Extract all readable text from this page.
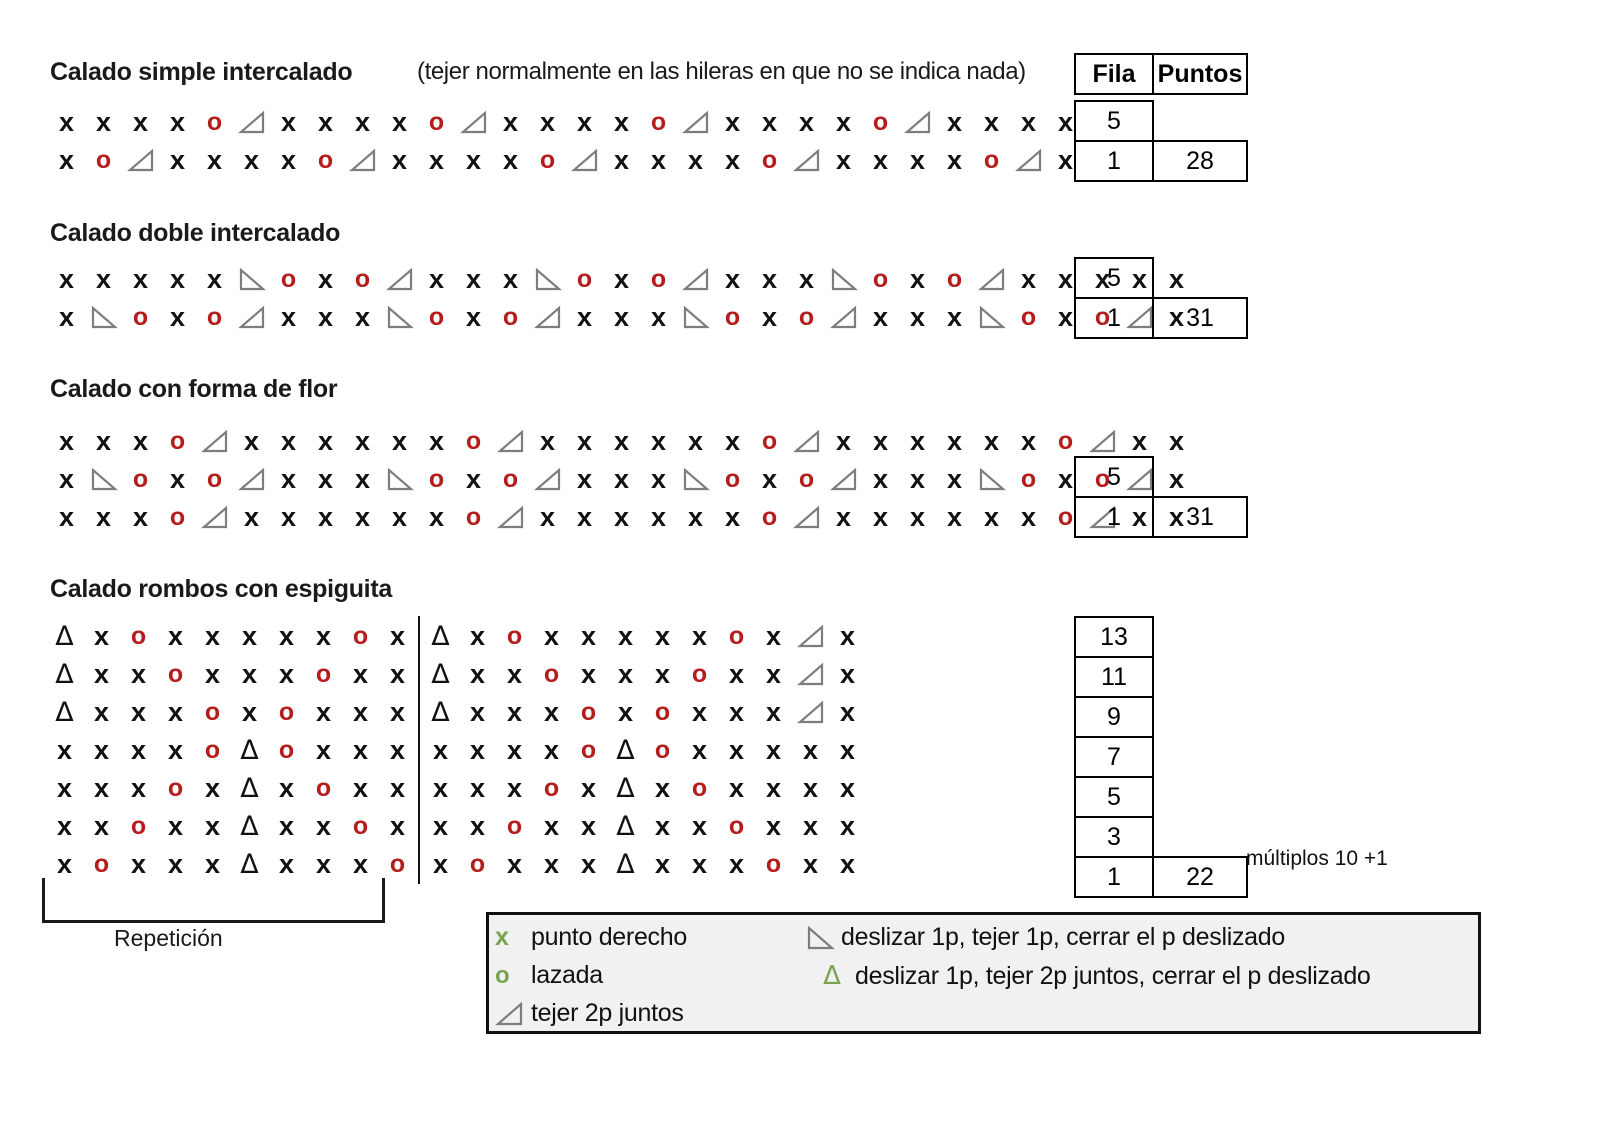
Calado simple intercalado	(tejer normalmente en las hileras en que no se indica nada)
x x x x o x x x x o x x x x o x x x x o x x x x
x o x x x x o x x x x o x x x x o x x x x o x
Fila	Puntos
5	
1	28
Calado doble intercalado
x x x x x o x o x x x o x o x x x o x o x x x x x
x o x o x x x o x o x x x o x o x x x o x o x
5	
1	31
Calado con forma de flor
x x x o x x x x x x o x x x x x x o x x x x x x o x x
x o x o x x x o x o x x x o x o x x x o x o x
x x x o x x x x x x o x x x x x x o x x x x x x o x x
5	
1	31
Calado rombos con espiguita
Δ x o x x x x x o x Δ x o x x x x x o x x
Δ x x o x x x o x x Δ x x o x x x o x x x
Δ x x x o x o x x x Δ x x x o x o x x x x
x x x x o Δ o x x x x x x x o Δ o x x x x x
x x x o x Δ x o x x x x x o x Δ x o x x x x
x x o x x Δ x x o x x x o x x Δ x x o x x x
x o x x x Δ x x x o x o x x x Δ x x x o x x
Repetición
13	
11	
9	
7	
5	
3	
1	22
múltiplos 10 +1
x punto derecho
o lazada
tejer 2p juntos
deslizar 1p, tejer 1p, cerrar el p deslizado
Δ deslizar 1p, tejer 2p juntos, cerrar el p deslizado
